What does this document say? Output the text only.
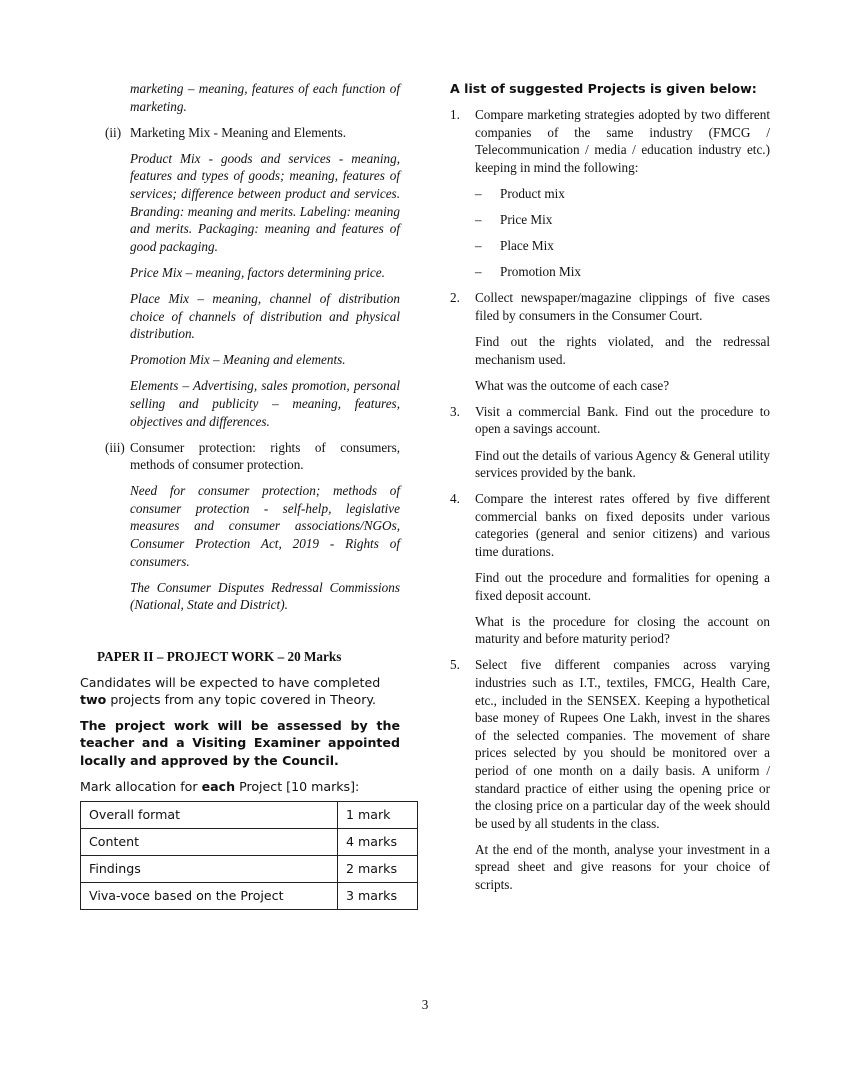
marketing – meaning, features of each function of marketing.

(ii) Marketing Mix - Meaning and Elements.

Product Mix - goods and services - meaning, features and types of goods; meaning, features of services; difference between product and services. Branding: meaning and merits. Labeling: meaning and merits. Packaging: meaning and features of good packaging.

Price Mix – meaning, factors determining price.

Place Mix – meaning, channel of distribution choice of channels of distribution and physical distribution.

Promotion Mix – Meaning and elements.

Elements – Advertising, sales promotion, personal selling and publicity – meaning, features, objectives and differences.

(iii) Consumer protection: rights of consumers, methods of consumer protection.

Need for consumer protection; methods of consumer protection - self-help, legislative measures and consumer associations/NGOs, Consumer Protection Act, 2019 - Rights of consumers.

The Consumer Disputes Redressal Commissions (National, State and District).

PAPER II – PROJECT WORK – 20 Marks

Candidates will be expected to have completed two projects from any topic covered in Theory.

The project work will be assessed by the teacher and a Visiting Examiner appointed locally and approved by the Council.

Mark allocation for each Project [10 marks]:

Overall format	1 mark
Content	4 marks
Findings	2 marks
Viva-voce based on the Project	3 marks

A list of suggested Projects is given below:

1. Compare marketing strategies adopted by two different companies of the same industry (FMCG / Telecommunication / media / education industry etc.) keeping in mind the following:

– Product mix
– Price Mix
– Place Mix
– Promotion Mix
2. Collect newspaper/magazine clippings of five cases filed by consumers in the Consumer Court.

Find out the rights violated, and the redressal mechanism used.

What was the outcome of each case?

3. Visit a commercial Bank. Find out the procedure to open a savings account.

Find out the details of various Agency & General utility services provided by the bank.

4. Compare the interest rates offered by five different commercial banks on fixed deposits under various categories (general and senior citizens) and various time durations.

Find out the procedure and formalities for opening a fixed deposit account.

What is the procedure for closing the account on maturity and before maturity period?

5. Select five different companies across varying industries such as I.T., textiles, FMCG, Health Care, etc., included in the SENSEX. Keeping a hypothetical base money of Rupees One Lakh, invest in the shares of the selected companies. The movement of share prices selected by you should be monitored over a period of one month on a daily basis. A uniform / standard practice of either using the opening price or the closing price on a particular day of the week should be used by all students in the class.

At the end of the month, analyse your investment in a spread sheet and give reasons for your choice of scripts.

3
